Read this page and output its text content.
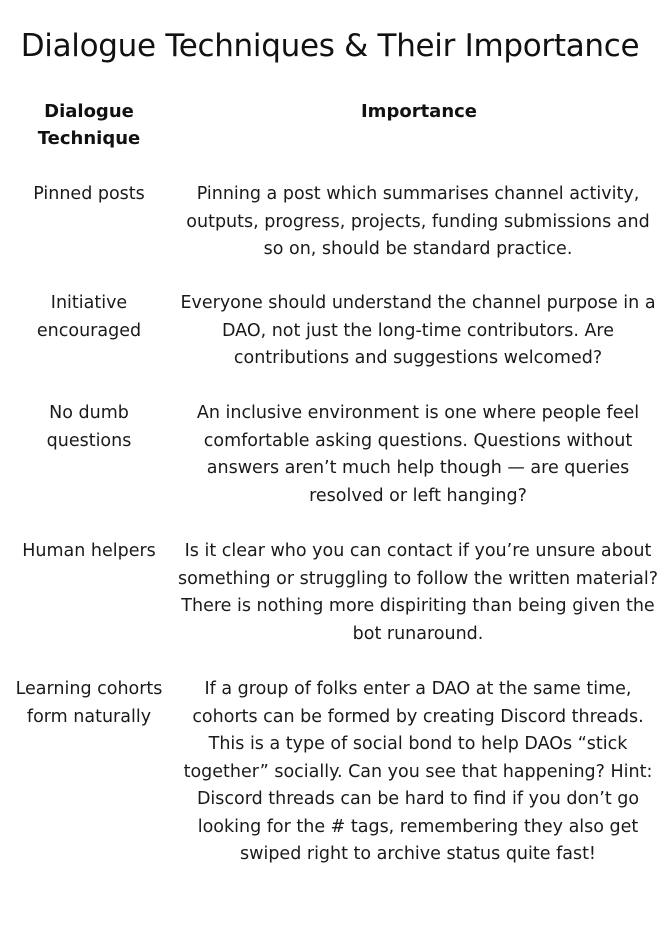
Dialogue Techniques & Their Importance
Dialogue Technique
Importance
Pinned posts	Pinning a post which summarises channel activity, outputs, progress, projects, funding submissions and so on, should be standard practice.
Initiative encouraged
Everyone should understand the channel purpose in a DAO, not just the long-time contributors. Are contributions and suggestions welcomed?
No dumb questions
An inclusive environment is one where people feel comfortable asking questions. Questions without answers aren’t much help though — are queries resolved or left hanging?
Human helpers	Is it clear who you can contact if you’re unsure about something or struggling to follow the written material? There is nothing more dispiriting than being given the bot runaround.
Learning cohorts form naturally
If a group of folks enter a DAO at the same time, cohorts can be formed by creating Discord threads. This is a type of social bond to help DAOs “stick together” socially. Can you see that happening? Hint: Discord threads can be hard to find if you don’t go looking for the # tags, remembering they also get swiped right to archive status quite fast!
